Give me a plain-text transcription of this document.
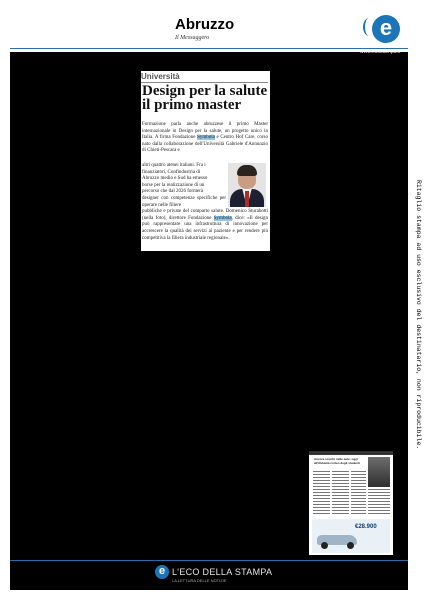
Abruzzo
Il Messaggero	e
www.ecostampa.it
Università
Design per la salute
il primo master

Formazione parla anche abruzzese il primo Master internazionale in Design per la salute, un progetto unico in Italia. A firma Fondazione Symbola e Centro Hof Care, corso nato dalla collaborazione dell'Università Gabriele d'Annunzio di Chieti-Pescara e

altri quattro atenei italiani. Fra i
finanziatori, Confindustria di
Abruzzo medio e Sud ha emesso
borse per la realizzazione di un
percorso che dal 2026 formerà
designer con competenze specifiche per operare nelle filiere
pubbliche e private del comparto salute. Domenico Sturabotti (nella foto), direttore Fondazione Symbola, dice: «Il design può rappresentare una infrastruttura di innovazione per accrescere la qualità dei servizi al paziente e per rendere più competitiva la filiera industriale regionale».	Ritaglio stampa ad uso esclusivo del destinatario, non riproducibile.
Ancora scontri nelle aule: oggi all'Abbazia corteo degli studenti
€28.900
e L'ECO DELLA STAMPA
LA LETTURA DELLE NOTIZIE
